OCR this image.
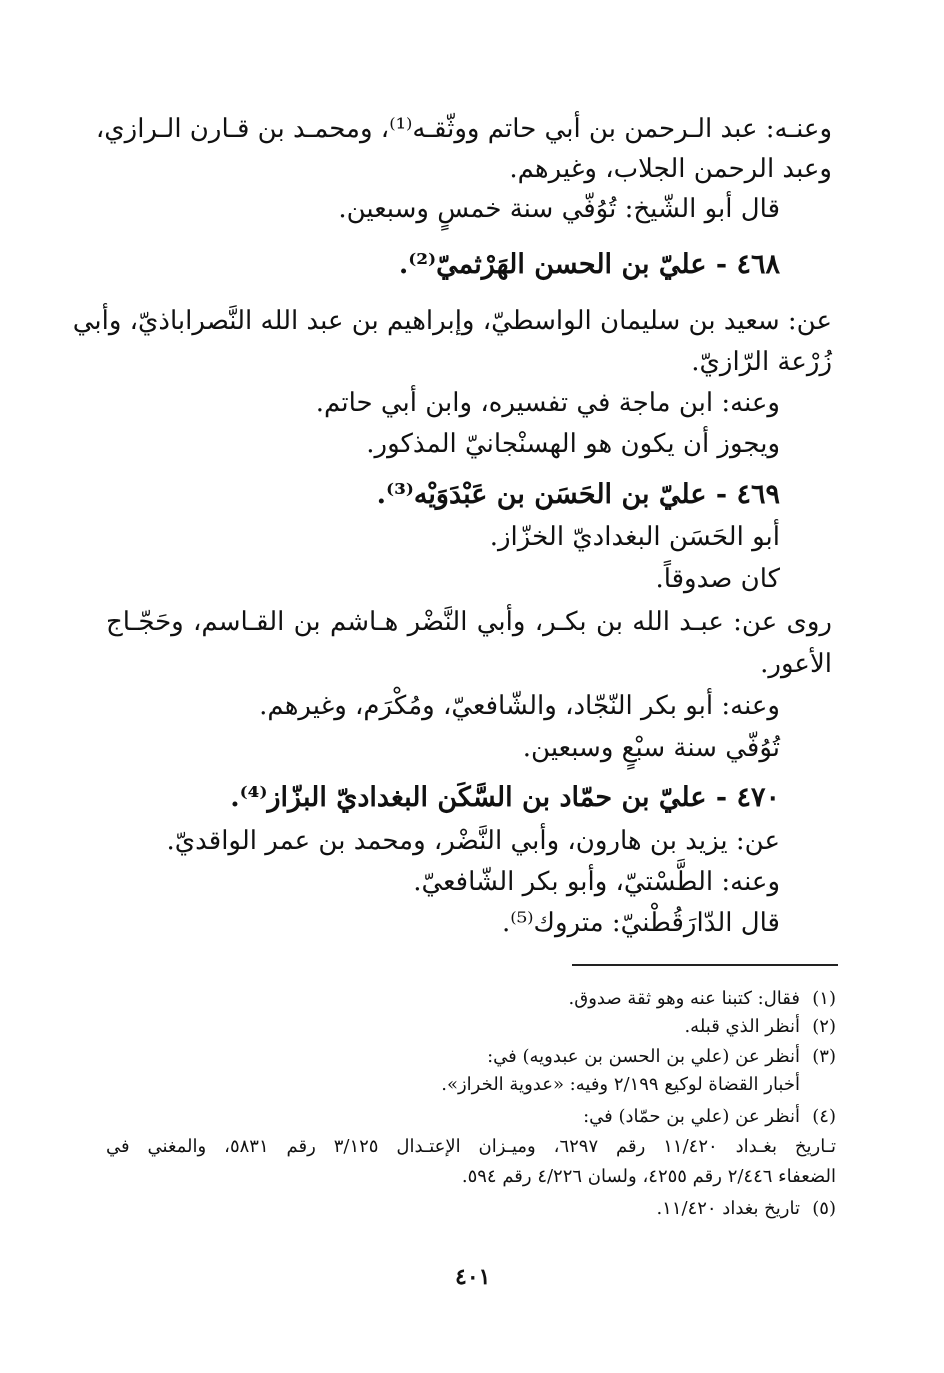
وعنـه: عبد الـرحمن بن أبي حاتم ووثّقـه⁽¹⁾، ومحمـد بن قـارن الـرازي،
وعبد الرحمن الجلاب، وغيرهم.
قال أبو الشّيخ: تُوُفّي سنة خمسٍ وسبعين.
٤٦٨ - عليّ بن الحسن الهَرْثميّ⁽²⁾.
عن: سعيد بن سليمان الواسطيّ، وإبراهيم بن عبد الله النَّصراباذيّ، وأبي
زُرْعة الرّازيّ.
وعنه: ابن ماجة في تفسيره، وابن أبي حاتم.
ويجوز أن يكون هو الهسنْجانيّ المذكور.
٤٦٩ - عليّ بن الحَسَن بن عَبْدَوَيْه⁽³⁾.
أبو الحَسَن البغداديّ الخزّاز.
كان صدوقاً.
روى عن: عبـد الله بن بكـر، وأبي النَّضْر هـاشم بن القـاسم، وحَجّـاج
الأعور.
وعنه: أبو بكر النّجّاد، والشّافعيّ، ومُكْرَم، وغيرهم.
تُوُفّي سنة سبْعٍ وسبعين.
٤٧٠ - عليّ بن حمّاد بن السَّكَن البغداديّ البزّاز⁽⁴⁾.
عن: يزيد بن هارون، وأبي النَّضْر، ومحمد بن عمر الواقديّ.
وعنه: الطَّسْتيّ، وأبو بكر الشّافعيّ.
قال الدّارَقُطْنيّ: متروك⁽⁵⁾.
(١)
فقال: كتبنا عنه وهو ثقة صدوق.
(٢)
أنظر الذي قبله.
(٣)
أنظر عن (علي بن الحسن بن عبدويه) في:
أخبار القضاة لوكيع ٢/١٩٩ وفيه: «عدوية الخراز».
(٤)
أنظر عن (علي بن حمّاد) في:
تـاريخ بغـداد ١١/٤٢٠ رقم ٦٢٩٧، وميـزان الإعتـدال ٣/١٢٥ رقم ٥٨٣١، والمغني في
الضعفاء ٢/٤٤٦ رقم ٤٢٥٥، ولسان ٤/٢٢٦ رقم ٥٩٤.
(٥)
تاريخ بغداد ١١/٤٢٠.
٤٠١
